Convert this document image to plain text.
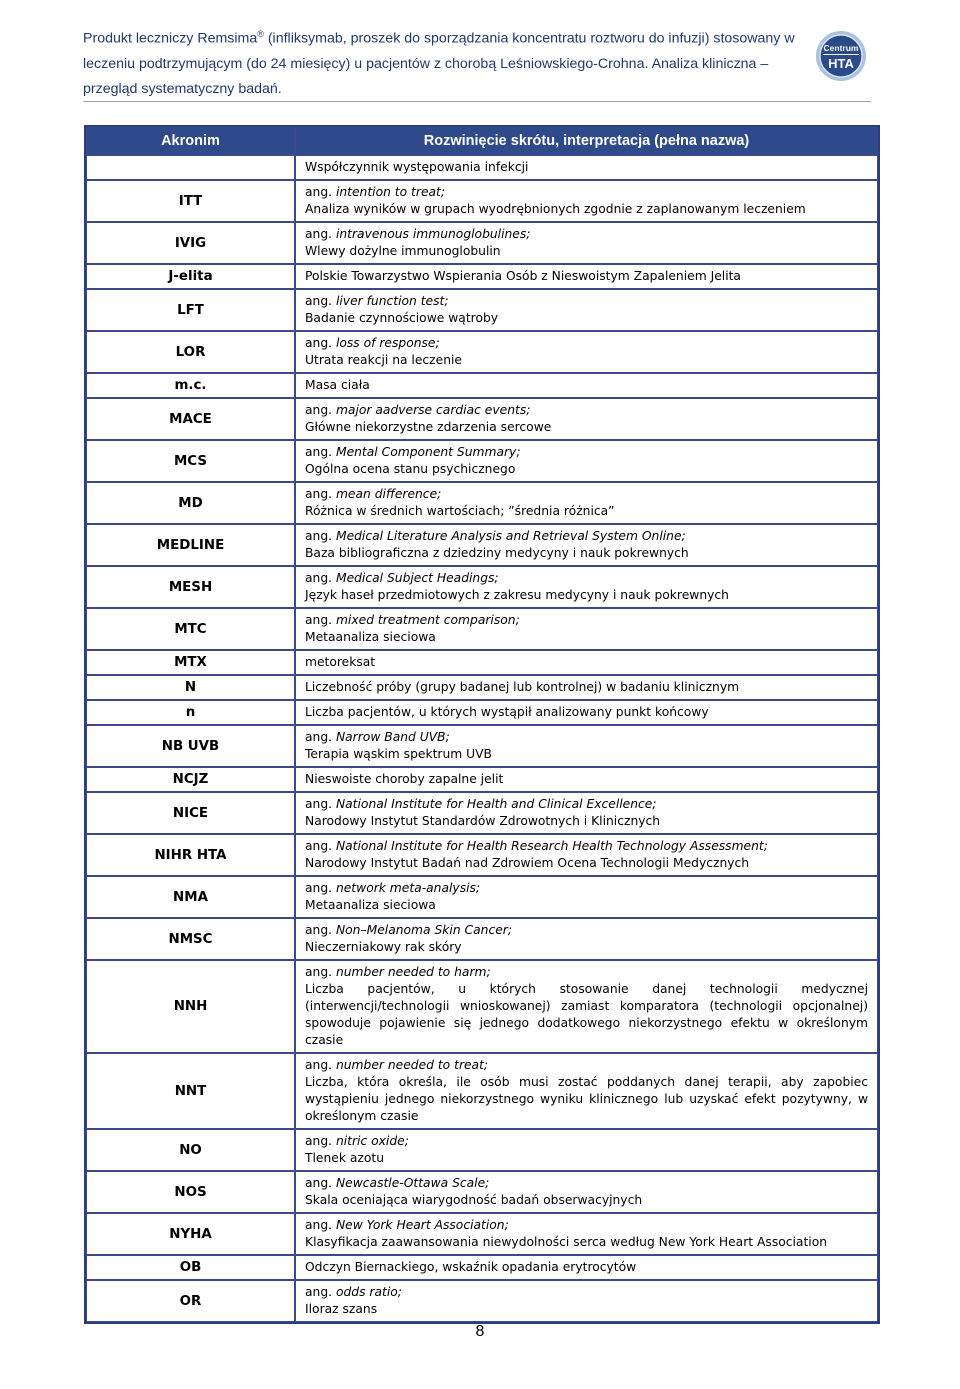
Produkt leczniczy Remsima® (infliksymab, proszek do sporządzania koncentratu roztworu do infuzji) stosowany w
leczeniu podtrzymującym (do 24 miesięcy) u pacjentów z chorobą Leśniowskiego-Crohna. Analiza kliniczna –
przegląd systematyczny badań.
Centrum
HTA
Akronim	Rozwinięcie skrótu, interpretacja (pełna nazwa)

	Współczynnik występowania infekcji

ITT	ang. intention to treat;
Analiza wyników w grupach wyodrębnionych zgodnie z zaplanowanym leczeniem

IVIG	ang. intravenous immunoglobulines;
Wlewy dożylne immunoglobulin

J-elita	Polskie Towarzystwo Wspierania Osób z Nieswoistym Zapaleniem Jelita

LFT	ang. liver function test;
Badanie czynnościowe wątroby

LOR	ang. loss of response;
Utrata reakcji na leczenie

m.c.	Masa ciała

MACE	ang. major aadverse cardiac events;
Główne niekorzystne zdarzenia sercowe

MCS	ang. Mental Component Summary;
Ogólna ocena stanu psychicznego

MD	ang. mean difference;
Różnica w średnich wartościach; ”średnia różnica”

MEDLINE	ang. Medical Literature Analysis and Retrieval System Online;
Baza bibliograficzna z dziedziny medycyny i nauk pokrewnych

MESH	ang. Medical Subject Headings;
Język haseł przedmiotowych z zakresu medycyny i nauk pokrewnych

MTC	ang. mixed treatment comparison;
Metaanaliza sieciowa

MTX	metoreksat

N	Liczebność próby (grupy badanej lub kontrolnej) w badaniu klinicznym

n	Liczba pacjentów, u których wystąpił analizowany punkt końcowy

NB UVB	ang. Narrow Band UVB;
Terapia wąskim spektrum UVB

NCJZ	Nieswoiste choroby zapalne jelit

NICE	ang. National Institute for Health and Clinical Excellence;
Narodowy Instytut Standardów Zdrowotnych i Klinicznych

NIHR HTA	ang. National Institute for Health Research Health Technology Assessment;
Narodowy Instytut Badań nad Zdrowiem Ocena Technologii Medycznych

NMA	ang. network meta-analysis;
Metaanaliza sieciowa

NMSC	ang. Non–Melanoma Skin Cancer;
Nieczerniakowy rak skóry

NNH	ang. number needed to harm;
Liczba pacjentów, u których stosowanie danej technologii medycznej (interwencji/technologii wnioskowanej) zamiast komparatora (technologii opcjonalnej) spowoduje pojawienie się jednego dodatkowego niekorzystnego efektu w określonym czasie

NNT	ang. number needed to treat;
Liczba, która określa, ile osób musi zostać poddanych danej terapii, aby zapobiec wystąpieniu jednego niekorzystnego wyniku klinicznego lub uzyskać efekt pozytywny, w określonym czasie

NO	ang. nitric oxide;
Tlenek azotu

NOS	ang. Newcastle-Ottawa Scale;
Skala oceniająca wiarygodność badań obserwacyjnych

NYHA	ang. New York Heart Association;
Klasyfikacja zaawansowania niewydolności serca według New York Heart Association

OB	Odczyn Biernackiego, wskaźnik opadania erytrocytów

OR	ang. odds ratio;
Iloraz szans
8
